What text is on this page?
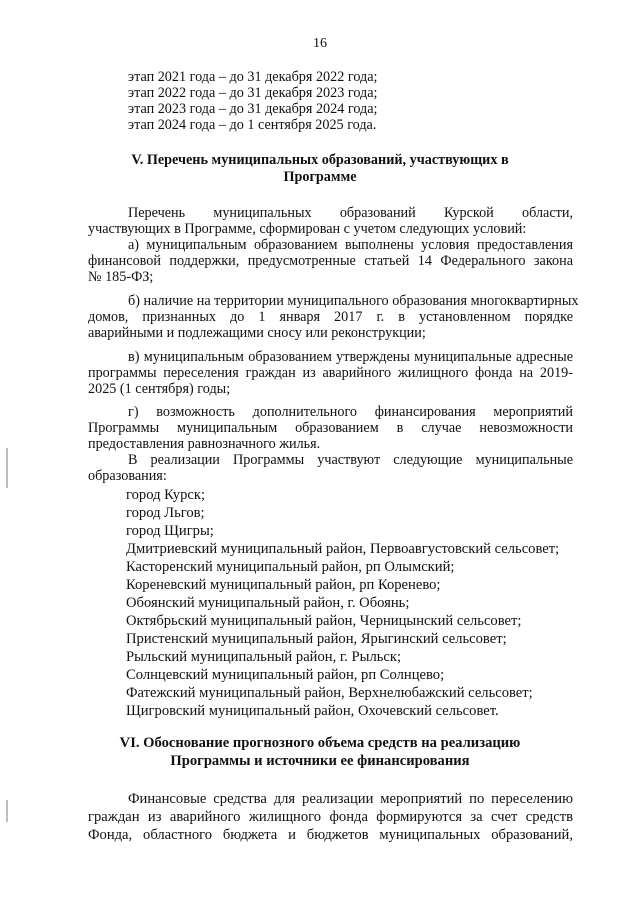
16
этап 2021 года – до 31 декабря 2022 года;
этап 2022 года – до 31 декабря 2023 года;
этап 2023 года – до 31 декабря 2024 года;
этап 2024 года – до 1 сентября 2025 года.
V. Перечень муниципальных образований, участвующих в
Программе
Перечень муниципальных образований Курской области,
участвующих в Программе, сформирован с учетом следующих условий:
а) муниципальным образованием выполнены условия предоставления
финансовой поддержки, предусмотренные статьей 14 Федерального закона
№ 185-ФЗ;
б) наличие на территории муниципального образования многоквартирных
домов, признанных до 1 января 2017 г. в установленном порядке
аварийными и подлежащими сносу или реконструкции;
в) муниципальным образованием утверждены муниципальные адресные
программы переселения граждан из аварийного жилищного фонда на 2019-
2025 (1 сентября) годы;
г) возможность дополнительного финансирования мероприятий
Программы муниципальным образованием в случае невозможности
предоставления равнозначного жилья.
В реализации Программы участвуют следующие муниципальные
образования:
город Курск;
город Льгов;
город Щигры;
Дмитриевский муниципальный район, Первоавгустовский сельсовет;
Касторенский муниципальный район, рп Олымский;
Кореневский муниципальный район, рп Коренево;
Обоянский муниципальный район, г. Обоянь;
Октябрьский муниципальный район, Черницынский сельсовет;
Пристенский муниципальный район, Ярыгинский сельсовет;
Рыльский муниципальный район, г. Рыльск;
Солнцевский муниципальный район, рп Солнцево;
Фатежский муниципальный район, Верхнелюбажский сельсовет;
Щигровский муниципальный район, Охочевский сельсовет.
VI. Обоснование прогнозного объема средств на реализацию
Программы и источники ее финансирования
Финансовые средства для реализации мероприятий по переселению
граждан из аварийного жилищного фонда формируются за счет средств
Фонда, областного бюджета и бюджетов муниципальных образований,
